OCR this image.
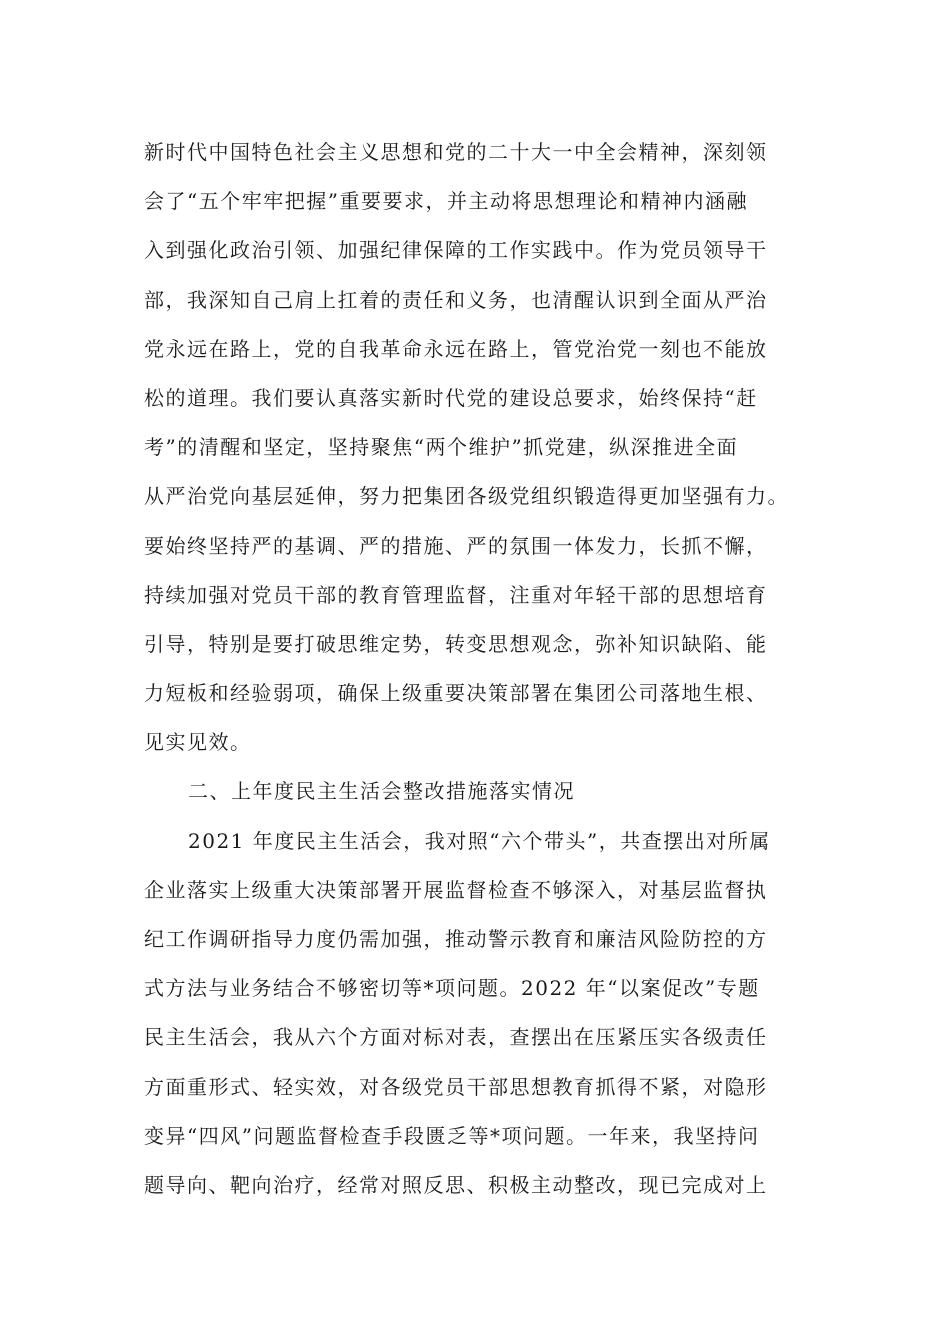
新时代中国特色社会主义思想和党的二十大一中全会精神，深刻领
会了“五个牢牢把握”重要要求，并主动将思想理论和精神内涵融
入到强化政治引领、加强纪律保障的工作实践中。作为党员领导干
部，我深知自己肩上扛着的责任和义务，也清醒认识到全面从严治
党永远在路上，党的自我革命永远在路上，管党治党一刻也不能放
松的道理。我们要认真落实新时代党的建设总要求，始终保持“赶
考”的清醒和坚定，坚持聚焦“两个维护”抓党建，纵深推进全面
从严治党向基层延伸，努力把集团各级党组织锻造得更加坚强有力。
要始终坚持严的基调、严的措施、严的氛围一体发力，长抓不懈，
持续加强对党员干部的教育管理监督，注重对年轻干部的思想培育
引导，特别是要打破思维定势，转变思想观念，弥补知识缺陷、能
力短板和经验弱项，确保上级重要决策部署在集团公司落地生根、
见实见效。
二、上年度民主生活会整改措施落实情况
2021 年度民主生活会，我对照“六个带头”，共查摆出对所属
企业落实上级重大决策部署开展监督检查不够深入，对基层监督执
纪工作调研指导力度仍需加强，推动警示教育和廉洁风险防控的方
式方法与业务结合不够密切等*项问题。2022 年“以案促改”专题
民主生活会，我从六个方面对标对表，查摆出在压紧压实各级责任
方面重形式、轻实效，对各级党员干部思想教育抓得不紧，对隐形
变异“四风”问题监督检查手段匮乏等*项问题。一年来，我坚持问
题导向、靶向治疗，经常对照反思、积极主动整改，现已完成对上
